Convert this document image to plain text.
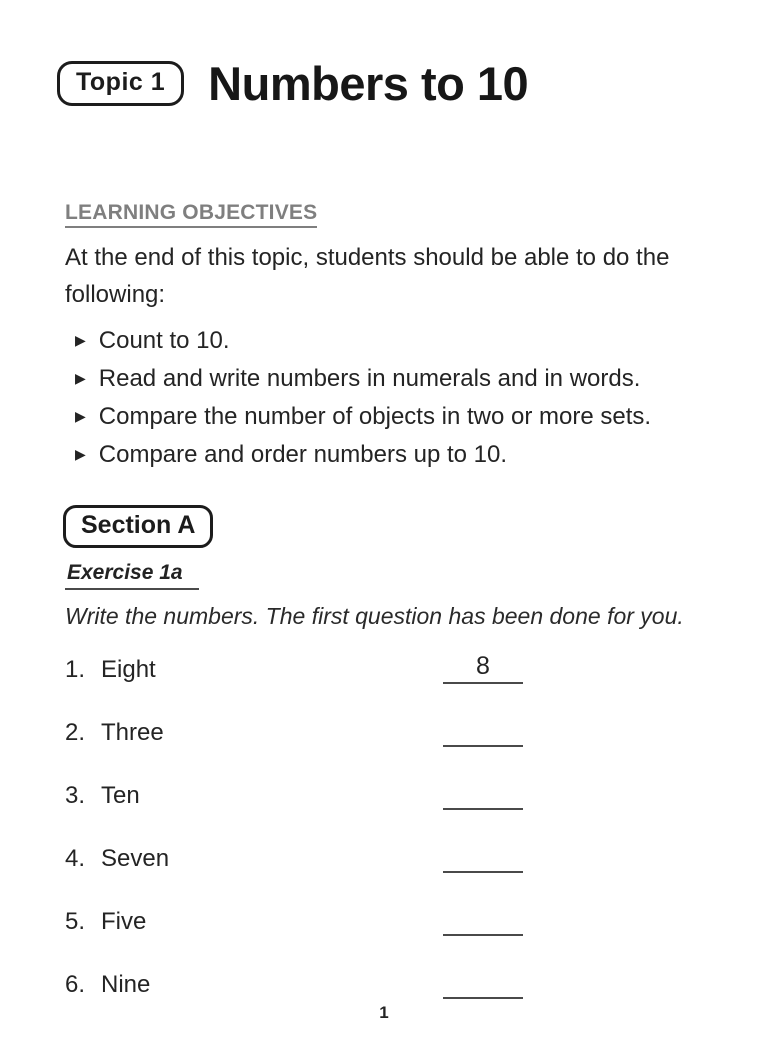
Topic 1 Numbers to 10
LEARNING OBJECTIVES

At the end of this topic, students should be able to do the following:

▶ Count to 10.
▶ Read and write numbers in numerals and in words.
▶ Compare the number of objects in two or more sets.
▶ Compare and order numbers up to 10.
Section A
Exercise 1a

Write the numbers. The first question has been done for you.

1. Eight	8
2. Three
3. Ten
4. Seven
5. Five
6. Nine
1
